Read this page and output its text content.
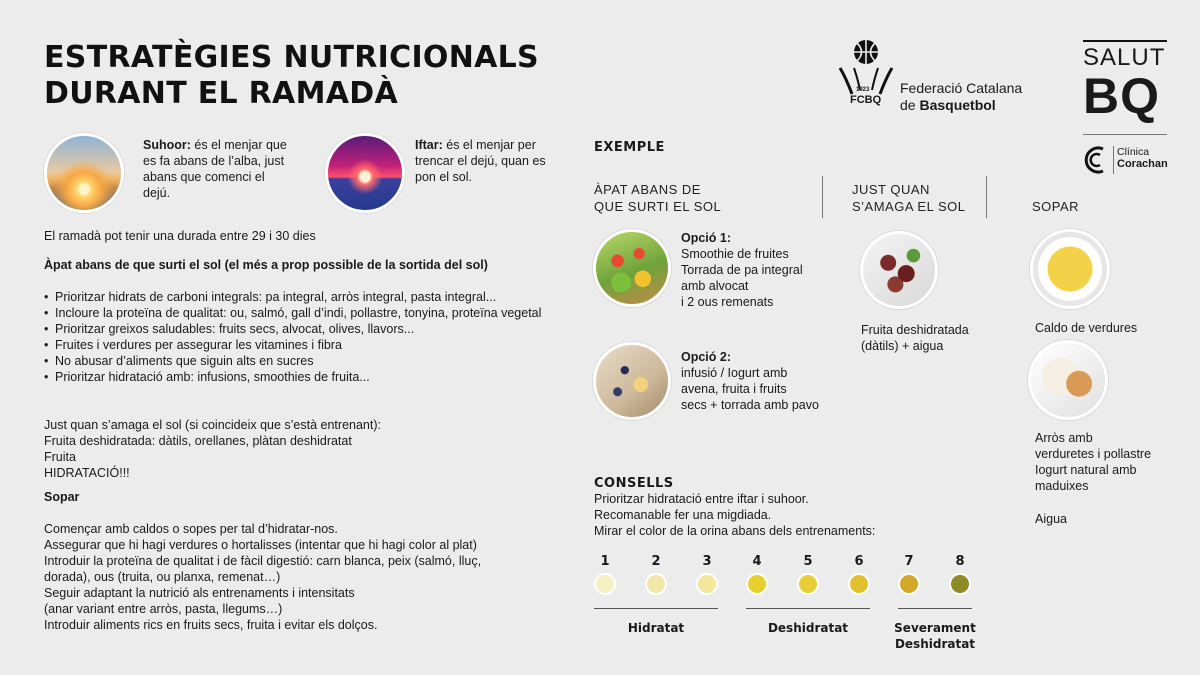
ESTRATÈGIES NUTRICIONALS
DURANT EL RAMADÀ	1923
FCBQ
Federació Catalana
de Basquetbol
SALUT
BQ
Clínica
Corachan
Suhoor: és el menjar que es fa abans de l’alba, just abans que comenci el dejú.
Iftar: és el menjar per trencar el dejú, quan es pon el sol.
El ramadà pot tenir una durada entre 29 i 30 dies
Àpat abans de que surti el sol (el més a prop possible de la sortida del sol)
• Prioritzar hidrats de carboni integrals: pa integral, arròs integral, pasta integral...
• Incloure la proteïna de qualitat: ou, salmó, gall d’indi, pollastre, tonyina, proteïna vegetal
• Prioritzar greixos saludables: fruits secs, alvocat, olives, llavors...
• Fruites i verdures per assegurar les vitamines i fibra
• No abusar d’aliments que siguin alts en sucres
• Prioritzar hidratació amb: infusions, smoothies de fruita...
Just quan s’amaga el sol (si coincideix que s’està entrenant):
Fruita deshidratada: dàtils, orellanes, plàtan deshidratat
Fruita
HIDRATACIÓ!!!
Sopar
Començar amb caldos o sopes per tal d’hidratar-nos.
Assegurar que hi hagi verdures o hortalisses (intentar que hi hagi color al plat)
Introduir la proteïna de qualitat i de fàcil digestió: carn blanca, peix (salmó, lluç,
dorada), ous (truita, ou planxa, remenat…)
Seguir adaptant la nutrició als entrenaments i intensitats
(anar variant entre arròs, pasta, llegums…)
Introduir aliments rics en fruits secs, fruita i evitar els dolços.
EXEMPLE
ÀPAT ABANS DE
QUE SURTI EL SOL
JUST QUAN
S’AMAGA EL SOL	SOPAR
Opció 1:
Smoothie de fruites
Torrada de pa integral
amb alvocat
i 2 ous remenats
Opció 2:
infusió / Iogurt amb
avena, fruita i fruits
secs + torrada amb pavo
Fruita deshidratada
(dàtils) + aigua
Caldo de verdures
Arròs amb
verduretes i pollastre
Iogurt natural amb
maduixes
Aigua
CONSELLS
Prioritzar hidratació entre iftar i suhoor.
Recomanable fer una migdiada.
Mirar el color de la orina abans dels entrenaments:
1	2	3	4	5	6	7	8
Hidratat	Deshidratat	Severament
Deshidratat
